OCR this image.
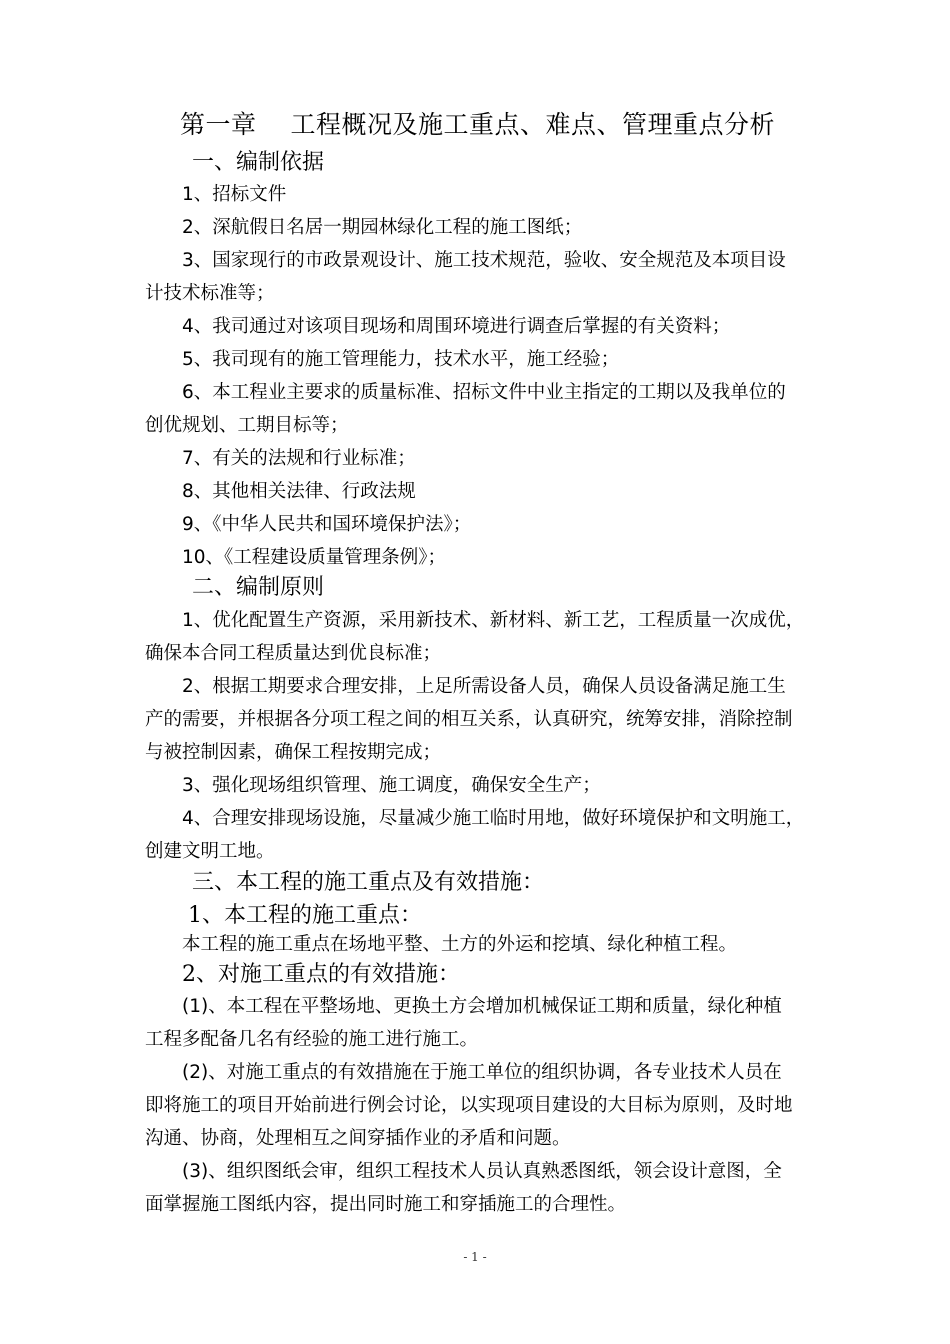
第一章　 工程概况及施工重点、难点、管理重点分析
一、编制依据
1、招标文件
2、深航假日名居一期园林绿化工程的施工图纸；
3、国家现行的市政景观设计、施工技术规范，验收、安全规范及本项目设
计技术标准等；
4、我司通过对该项目现场和周围环境进行调查后掌握的有关资料；
5、我司现有的施工管理能力，技术水平，施工经验；
6、本工程业主要求的质量标准、招标文件中业主指定的工期以及我单位的
创优规划、工期目标等；
7、有关的法规和行业标准；
8、其他相关法律、行政法规
9、《中华人民共和国环境保护法》；
10、《工程建设质量管理条例》；
二、编制原则
1、优化配置生产资源，采用新技术、新材料、新工艺，工程质量一次成优，
确保本合同工程质量达到优良标准；
2、根据工期要求合理安排，上足所需设备人员，确保人员设备满足施工生
产的需要，并根据各分项工程之间的相互关系，认真研究，统筹安排，消除控制
与被控制因素，确保工程按期完成；
3、强化现场组织管理、施工调度，确保安全生产；
4、合理安排现场设施，尽量减少施工临时用地，做好环境保护和文明施工，
创建文明工地。
三、本工程的施工重点及有效措施：
1、本工程的施工重点：
本工程的施工重点在场地平整、土方的外运和挖填、绿化种植工程。
2、对施工重点的有效措施：
(1)、本工程在平整场地、更换土方会增加机械保证工期和质量，绿化种植
工程多配备几名有经验的施工进行施工。
(2)、对施工重点的有效措施在于施工单位的组织协调，各专业技术人员在
即将施工的项目开始前进行例会讨论，以实现项目建设的大目标为原则，及时地
沟通、协商，处理相互之间穿插作业的矛盾和问题。
(3)、组织图纸会审，组织工程技术人员认真熟悉图纸，领会设计意图，全
面掌握施工图纸内容，提出同时施工和穿插施工的合理性。
- 1 -
